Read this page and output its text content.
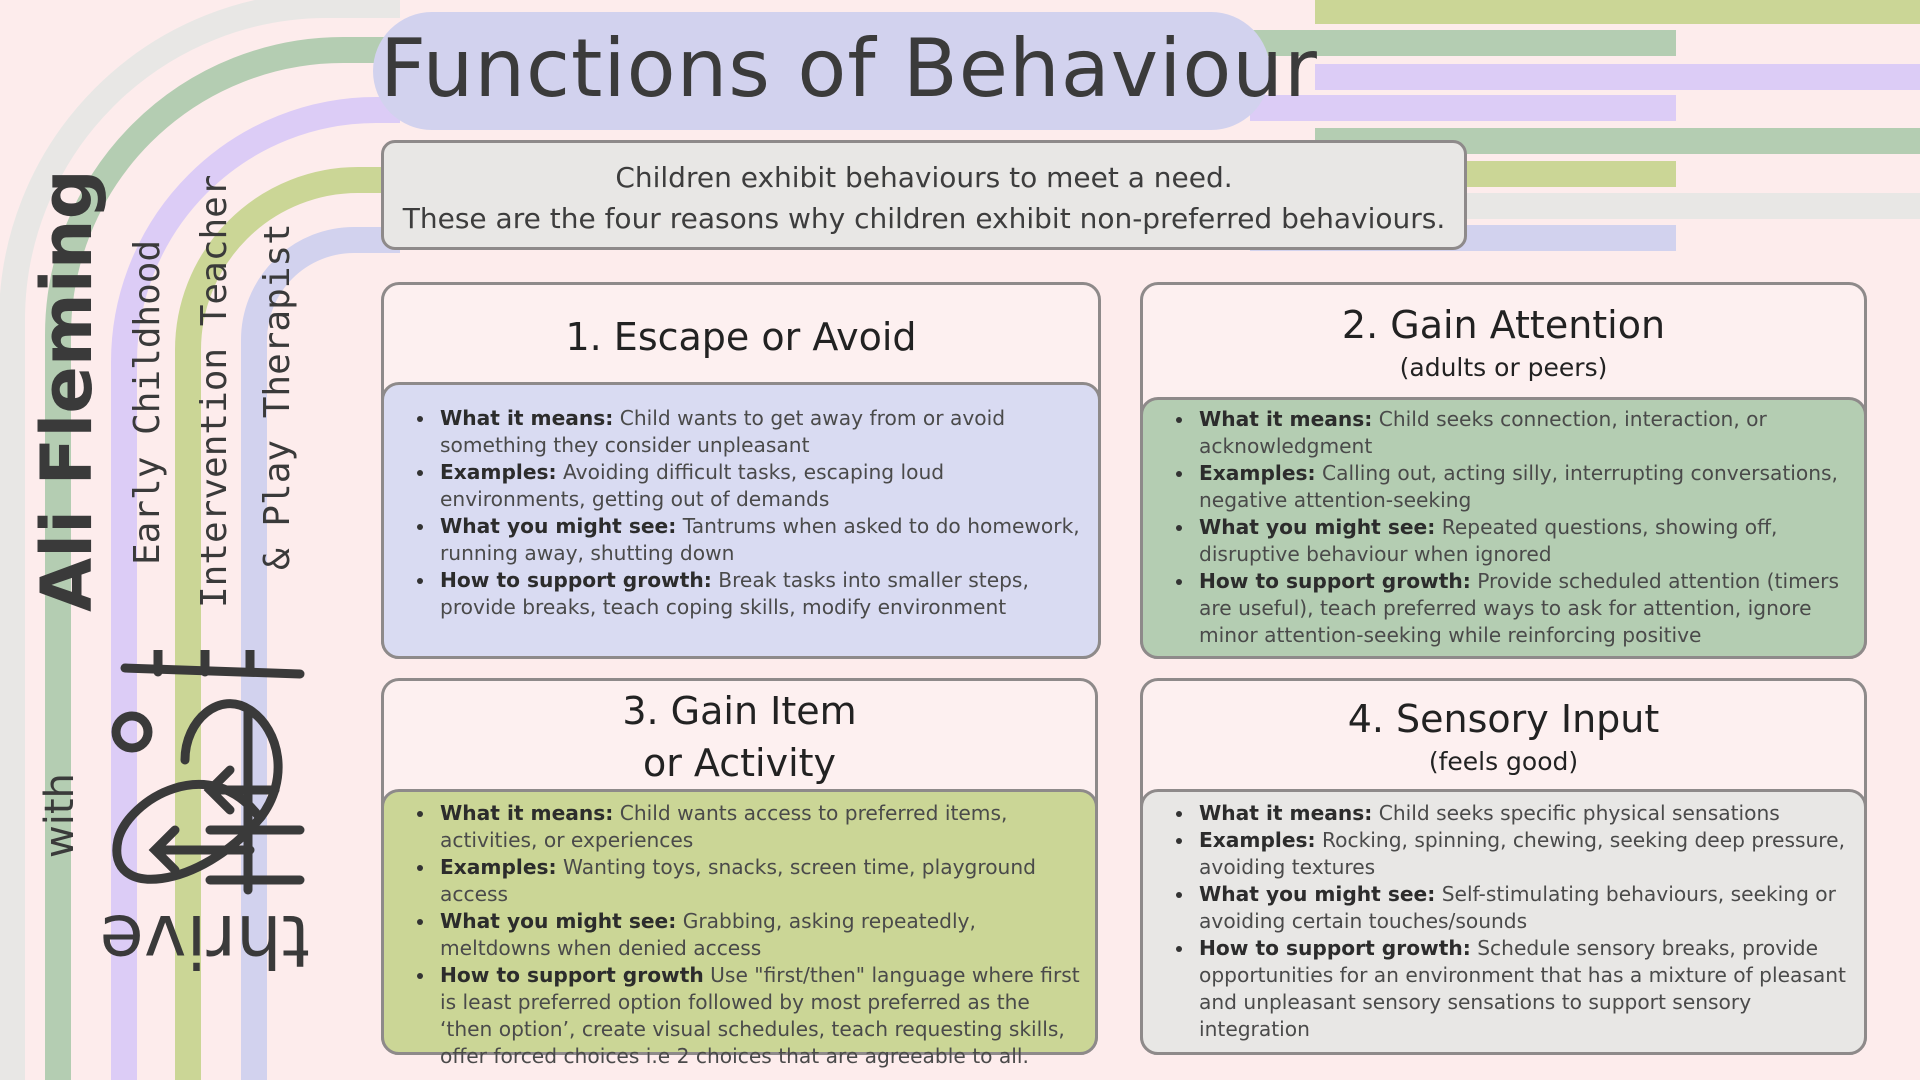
Functions of Behaviour
Children exhibit behaviours to meet a need.
These are the four reasons why children exhibit non-preferred behaviours.
Ali Fleming Early Childhood Intervention Teacher & Play Therapist
with
thrive
1. Escape or Avoid
What it means: Child wants to get away from or avoid something they consider unpleasant
Examples: Avoiding difficult tasks, escaping loud environments, getting out of demands
What you might see: Tantrums when asked to do homework, running away, shutting down
How to support growth: Break tasks into smaller steps, provide breaks, teach coping skills, modify environment
2. Gain Attention
(adults or peers)
What it means: Child seeks connection, interaction, or acknowledgment
Examples: Calling out, acting silly, interrupting conversations, negative attention-seeking
What you might see: Repeated questions, showing off, disruptive behaviour when ignored
How to support growth: Provide scheduled attention (timers are useful), teach preferred ways to ask for attention, ignore minor attention-seeking while reinforcing positive
3. Gain Item
or Activity
What it means: Child wants access to preferred items, activities, or experiences
Examples: Wanting toys, snacks, screen time, playground access
What you might see: Grabbing, asking repeatedly, meltdowns when denied access
How to support growth Use "first/then" language where first is least preferred option followed by most preferred as the ‘then option’, create visual schedules, teach requesting skills, offer forced choices i.e 2 choices that are agreeable to all.
4. Sensory Input
(feels good)
What it means: Child seeks specific physical sensations
Examples: Rocking, spinning, chewing, seeking deep pressure, avoiding textures
What you might see: Self-stimulating behaviours, seeking or avoiding certain touches/sounds
How to support growth: Schedule sensory breaks, provide opportunities for an environment that has a mixture of pleasant and unpleasant sensory sensations to support sensory integration
